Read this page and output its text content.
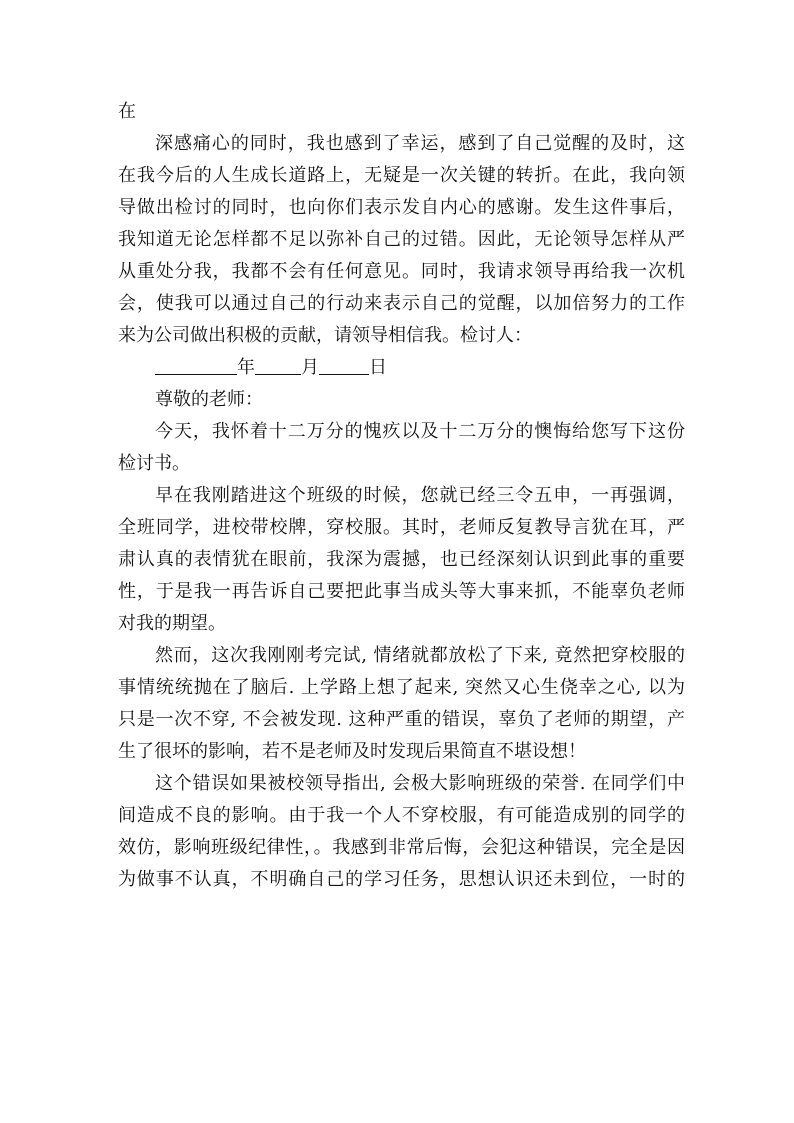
在
深感痛心的同时，我也感到了幸运，感到了自己觉醒的及时，这
在我今后的人生成长道路上，无疑是一次关键的转折。在此，我向领
导做出检讨的同时，也向你们表示发自内心的感谢。发生这件事后，
我知道无论怎样都不足以弥补自己的过错。因此，无论领导怎样从严
从重处分我，我都不会有任何意见。同时，我请求领导再给我一次机
会，使我可以通过自己的行动来表示自己的觉醒，以加倍努力的工作
来为公司做出积极的贡献，请领导相信我。检讨人：
年	月	日
尊敬的老师：
今天，我怀着十二万分的愧疚以及十二万分的懊悔给您写下这份
检讨书。
早在我刚踏进这个班级的时候，您就已经三令五申，一再强调，
全班同学，进校带校牌，穿校服。其时，老师反复教导言犹在耳，严
肃认真的表情犹在眼前，我深为震撼，也已经深刻认识到此事的重要
性，于是我一再告诉自己要把此事当成头等大事来抓，不能辜负老师
对我的期望。
然而，这次我刚刚考完试, 情绪就都放松了下来, 竟然把穿校服的
事情统统抛在了脑后. 上学路上想了起来, 突然又心生侥幸之心, 以为
只是一次不穿, 不会被发现. 这种严重的错误，辜负了老师的期望，产
生了很坏的影响，若不是老师及时发现后果简直不堪设想！
这个错误如果被校领导指出, 会极大影响班级的荣誉. 在同学们中
间造成不良的影响。由于我一个人不穿校服，有可能造成别的同学的
效仿，影响班级纪律性，。我感到非常后悔，会犯这种错误，完全是因
为做事不认真，不明确自己的学习任务，思想认识还未到位，一时的
